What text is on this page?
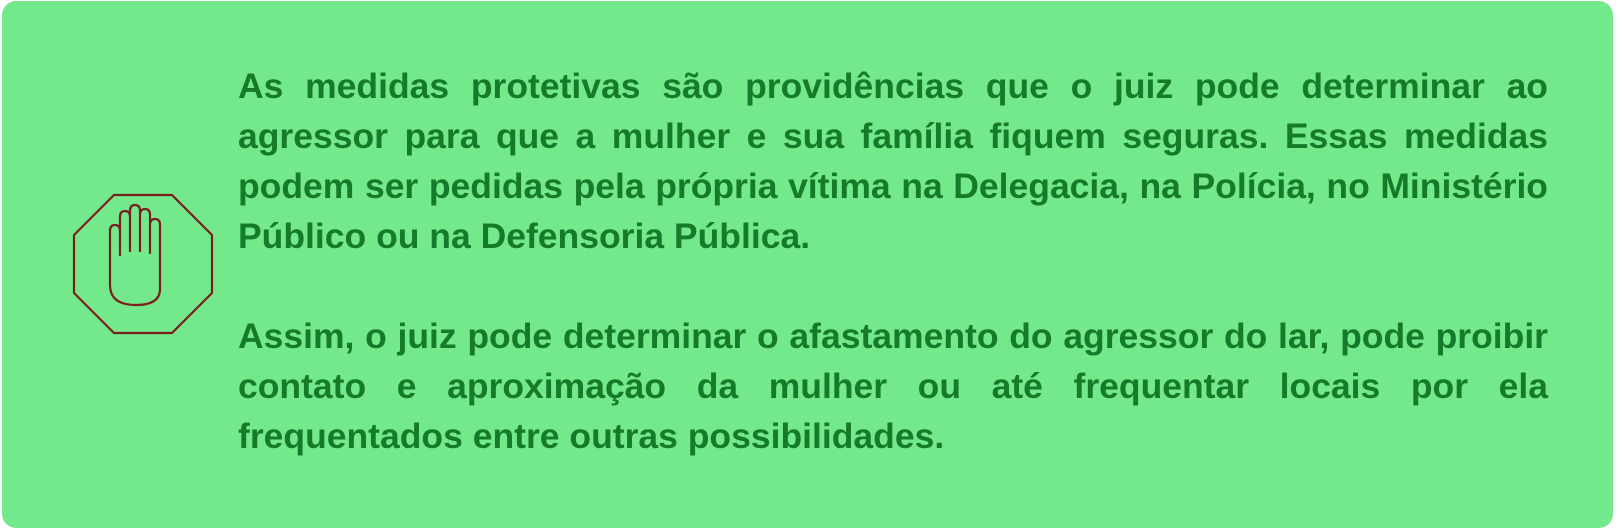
As medidas protetivas são providências que o juiz pode determinar ao agressor para que a mulher e sua família fiquem seguras. Essas medidas podem ser pedidas pela própria vítima na Delegacia, na Polícia, no Ministério Público ou na Defensoria Pública.

Assim, o juiz pode determinar o afastamento do agressor do lar, pode proibir contato e aproximação da mulher ou até frequentar locais por ela frequentados entre outras possibilidades.
